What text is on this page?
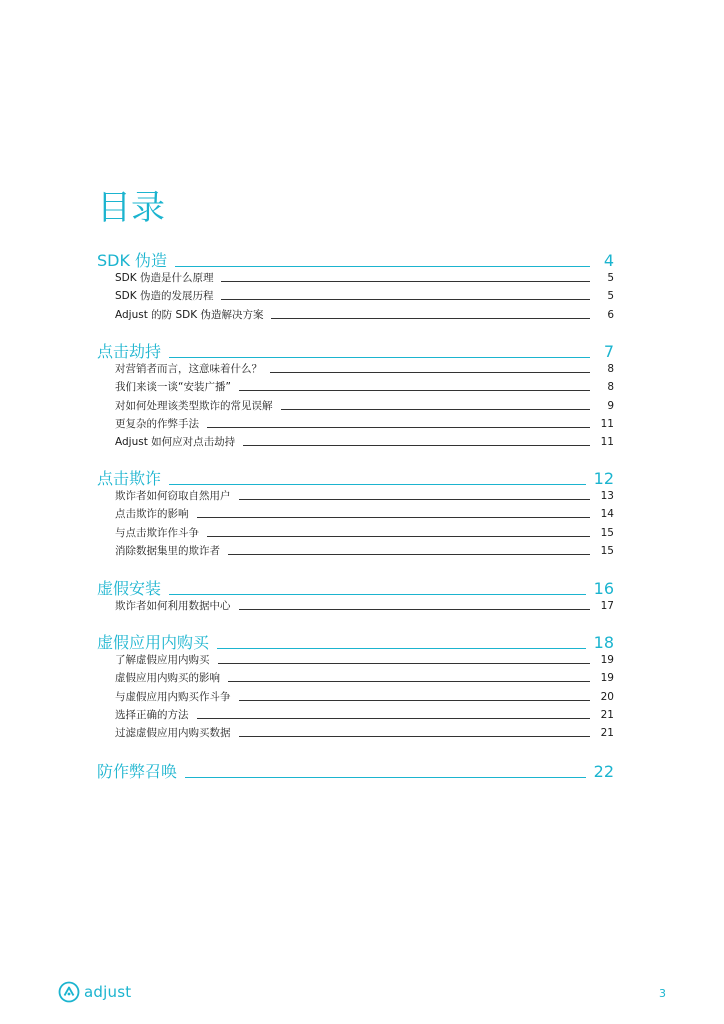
目录
SDK 伪造	4
SDK 伪造是什么原理	5
SDK 伪造的发展历程	5
Adjust 的防 SDK 伪造解决方案	6
点击劫持	7
对营销者而言，这意味着什么？	8
我们来谈一谈“安装广播”	8
对如何处理该类型欺诈的常见误解	9
更复杂的作弊手法	11
Adjust 如何应对点击劫持	11
点击欺诈	12
欺诈者如何窃取自然用户	13
点击欺诈的影响	14
与点击欺诈作斗争	15
消除数据集里的欺诈者	15
虚假安装	16
欺诈者如何利用数据中心	17
虚假应用内购买	18
了解虚假应用内购买	19
虚假应用内购买的影响	19
与虚假应用内购买作斗争	20
选择正确的方法	21
过滤虚假应用内购买数据	21
防作弊召唤	22
adjust	3
